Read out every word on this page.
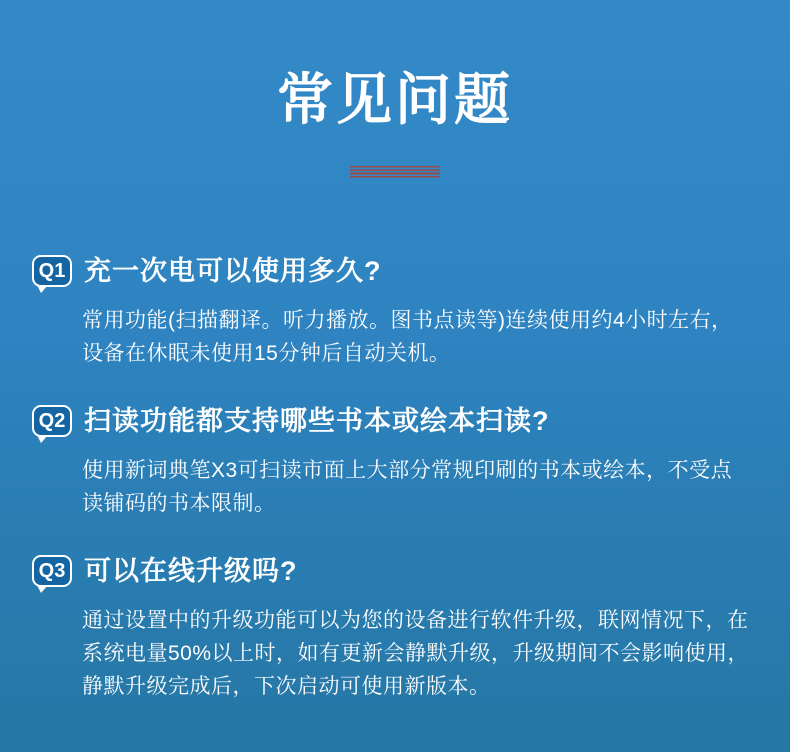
常见问题
Q1 充一次电可以使用多久?

常用功能(扫描翻译。听力播放。图书点读等)连续使用约4小时左右，设备在休眠未使用15分钟后自动关机。

Q2 扫读功能都支持哪些书本或绘本扫读?

使用新词典笔X3可扫读市面上大部分常规印刷的书本或绘本，不受点读铺码的书本限制。

Q3 可以在线升级吗?

通过设置中的升级功能可以为您的设备进行软件升级，联网情况下，在系统电量50%以上时，如有更新会静默升级，升级期间不会影响使用，静默升级完成后，下次启动可使用新版本。
